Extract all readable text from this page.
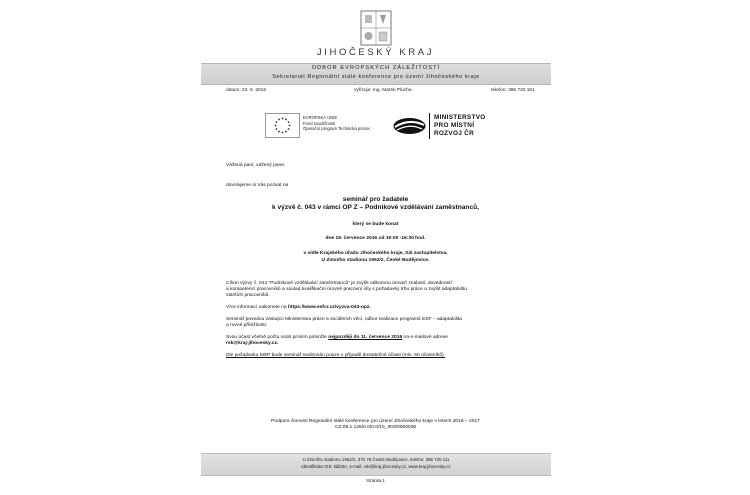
JIHOČESKÝ KRAJ
ODBOR EVROPSKÝCH ZÁLEŽITOSTÍ
Sekretariát Regionální stálé konference pro území Jihočeského kraje
datum: 23. 6. 2016	vyřizuje: Ing. Martin Plucha	telefon: 386 720 151
EVROPSKÁ UNIE
Fond soudržnosti
Operační program Technická pomoc
MINISTERSTVO
PRO MÍSTNÍ
ROZVOJ ČR
Vážená paní, vážený pane,
dovolujeme si Vás pozvat na
seminář pro žadatele
k výzvě č. 043 v rámci OP Z – Podnikové vzdělávání zaměstnanců,
který se bude konat
dne 19. července 2016 od 10:00 -16:30 hod.
v sídle Krajského úřadu Jihočeského kraje, Sál zastupitelstva,
U Zimního stadionu 1952/2, České Budějovice.
Cílem výzvy č. 043 "Podnikové vzdělávání zaměstnanců" je zvýšit odbornou úroveň znalostí, dovedností
a kompetencí pracovníků a soulad kvalifikační úrovně pracovní síly s požadavky trhu práce a zvýšit adaptabilitu
starších pracovníků.
Více informací naleznete na https://www.esfcr.cz/vyzva-043-opz.
Seminář povedou zástupci Ministerstva práce a sociálních věcí, odbor realizace programů ESF – adaptabilita
a rovné příležitosti.
Svou účast včetně počtu osob prosím potvrďte nejpozději do 11. července 2016 na e-mailové adrese
rsk@kraj-jihocesky.cz.
Dle požadavku MSP bude seminář realizován pouze v případě dostatečné účasti (min. 50 účastníků).
Podpora činnosti Regionální stálé konference pro území Jihočeského kraje v letech 2016 – 2017
CZ.08.1.125/0.0/0.0/15_003/0000036
U Zimního stadionu 1952/2, 370 76 České Budějovice, telefon: 386 720 111
Identifikátor DS: kdib3rr, e-mail: rsk@kraj-jihocesky.cz, www.kraj-jihocesky.cz
Stránka 1
